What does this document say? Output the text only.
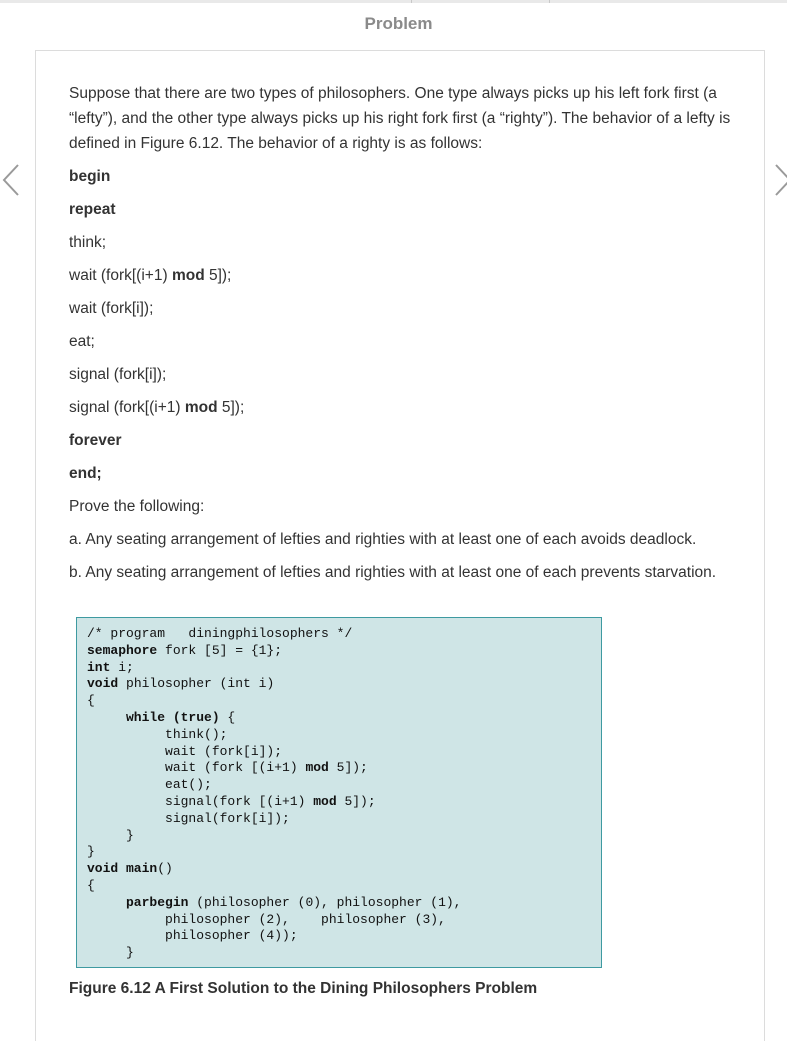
Problem

Suppose that there are two types of philosophers. One type always picks up his left fork first (a “lefty”), and the other type always picks up his right fork first (a “righty”). The behavior of a lefty is defined in Figure 6.12. The behavior of a righty is as follows:

begin
repeat
think;
wait (fork[(i+1) mod 5]);
wait (fork[i]);
eat;
signal (fork[i]);
signal (fork[(i+1) mod 5]);
forever
end;
Prove the following:
a. Any seating arrangement of lefties and righties with at least one of each avoids deadlock.
b. Any seating arrangement of lefties and righties with at least one of each prevents starvation.
/* program   diningphilosophers */
semaphore fork [5] = {1};
int i;
void philosopher (int i)
{
while (true) {
think();
wait (fork[i]);
wait (fork [(i+1) mod 5]);
eat();
signal(fork [(i+1) mod 5]);
signal(fork[i]);
}
}
void main()
{
parbegin (philosopher (0), philosopher (1),
philosopher (2),    philosopher (3),
philosopher (4));
}
Figure 6.12 A First Solution to the Dining Philosophers Problem
